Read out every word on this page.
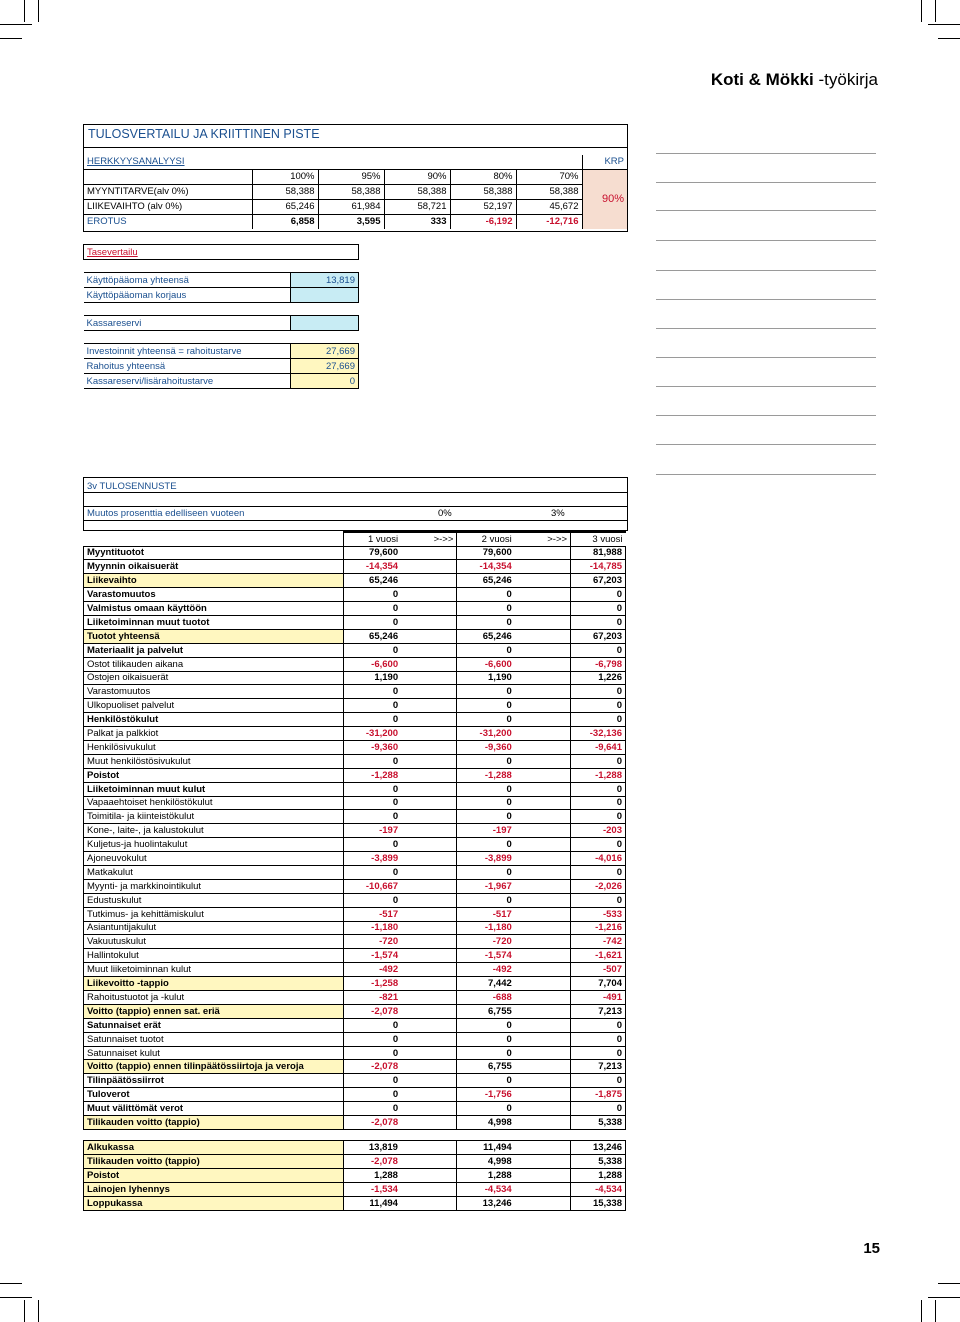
Koti & Mökki -työkirja
TULOSVERTAILU JA KRIITTINEN PISTE
HERKKYYSANALYYSI						KRP
	100%	95%	90%	80%	70%	90%
MYYNTITARVE(alv 0%)	58,388	58,388	58,388	58,388	58,388	
LIIKEVAIHTO (alv 0%)	65,246	61,984	58,721	52,197	45,672	
EROTUS	6,858	3,595	333	-6,192	-12,716	
Tasevertailu	

Käyttöpääoma yhteensä	13,819
Käyttöpääoman korjaus	

Kassareservi	

Investoinnit yhteensä = rahoitustarve	27,669
Rahoitus yhteensä	27,669
Kassareservi/lisärahoitustarve	0
3v TULOSENNUSTE
Muutos prosenttia edelliseen vuoteen	0%	3%
	1 vuosi	>->>	2 vuosi	>->>	3 vuosi
Myyntituotot	79,600		79,600		81,988
Myynnin oikaisuerät	-14,354		-14,354		-14,785
Liikevaihto	65,246		65,246		67,203
Varastomuutos	0		0		0
Valmistus omaan käyttöön	0		0		0
Liiketoiminnan muut tuotot	0		0		0
Tuotot yhteensä	65,246		65,246		67,203
Materiaalit ja palvelut	0		0		0
Ostot tilikauden aikana	-6,600		-6,600		-6,798
Ostojen oikaisuerät	1,190		1,190		1,226
Varastomuutos	0		0		0
Ulkopuoliset palvelut	0		0		0
Henkilöstökulut	0		0		0
Palkat ja palkkiot	-31,200		-31,200		-32,136
Henkilösivukulut	-9,360		-9,360		-9,641
Muut henkilöstösivukulut	0		0		0
Poistot	-1,288		-1,288		-1,288
Liiketoiminnan muut kulut	0		0		0
Vapaaehtoiset henkilöstökulut	0		0		0
Toimitila- ja kiinteistökulut	0		0		0
Kone-, laite-, ja kalustokulut	-197		-197		-203
Kuljetus-ja huolintakulut	0		0		0
Ajoneuvokulut	-3,899		-3,899		-4,016
Matkakulut	0		0		0
Myynti- ja markkinointikulut	-10,667		-1,967		-2,026
Edustuskulut	0		0		0
Tutkimus- ja kehittämiskulut	-517		-517		-533
Asiantuntijakulut	-1,180		-1,180		-1,216
Vakuutuskulut	-720		-720		-742
Hallintokulut	-1,574		-1,574		-1,621
Muut liiketoiminnan kulut	-492		-492		-507
Liikevoitto -tappio	-1,258		7,442		7,704
Rahoitustuotot ja -kulut	-821		-688		-491
Voitto (tappio) ennen sat. eriä	-2,078		6,755		7,213
Satunnaiset erät	0		0		0
Satunnaiset tuotot	0		0		0
Satunnaiset kulut	0		0		0
Voitto (tappio) ennen tilinpäätössiirtoja ja veroja	-2,078		6,755		7,213
Tilinpäätössiirrot	0		0		0
Tuloverot	0		-1,756		-1,875
Muut välittömät verot	0		0		0
Tilikauden voitto (tappio)	-2,078		4,998		5,338

Alkukassa	13,819		11,494		13,246
Tilikauden voitto (tappio)	-2,078		4,998		5,338
Poistot	1,288		1,288		1,288
Lainojen lyhennys	-1,534		-4,534		-4,534
Loppukassa	11,494		13,246		15,338
15
